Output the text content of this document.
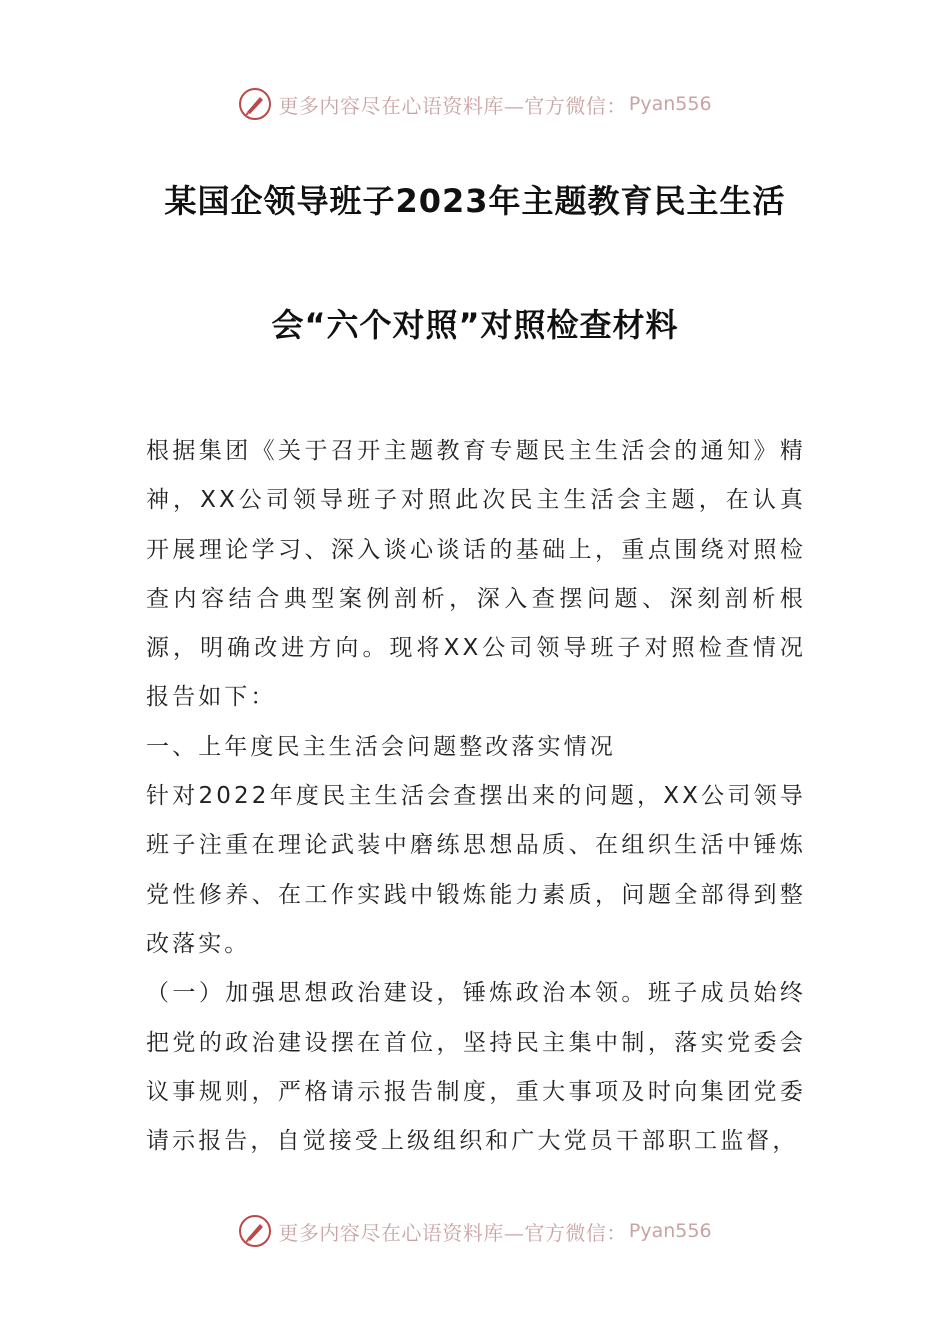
更多内容尽在心语资料库—官方微信： Pyan556
某国企领导班子2023年主题教育民主生活
会“六个对照”对照检查材料

根据集团《关于召开主题教育专题民主生活会的通知》精神，XX公司领导班子对照此次民主生活会主题，在认真开展理论学习、深入谈心谈话的基础上，重点围绕对照检查内容结合典型案例剖析，深入查摆问题、深刻剖析根源，明确改进方向。现将XX公司领导班子对照检查情况报告如下：

一、上年度民主生活会问题整改落实情况

针对2022年度民主生活会查摆出来的问题，XX公司领导班子注重在理论武装中磨练思想品质、在组织生活中锤炼党性修养、在工作实践中锻炼能力素质，问题全部得到整改落实。

（一）加强思想政治建设，锤炼政治本领。班子成员始终把党的政治建设摆在首位，坚持民主集中制，落实党委会议事规则，严格请示报告制度，重大事项及时向集团党委请示报告，自觉接受上级组织和广大党员干部职工监督，

更多内容尽在心语资料库—官方微信： Pyan556
